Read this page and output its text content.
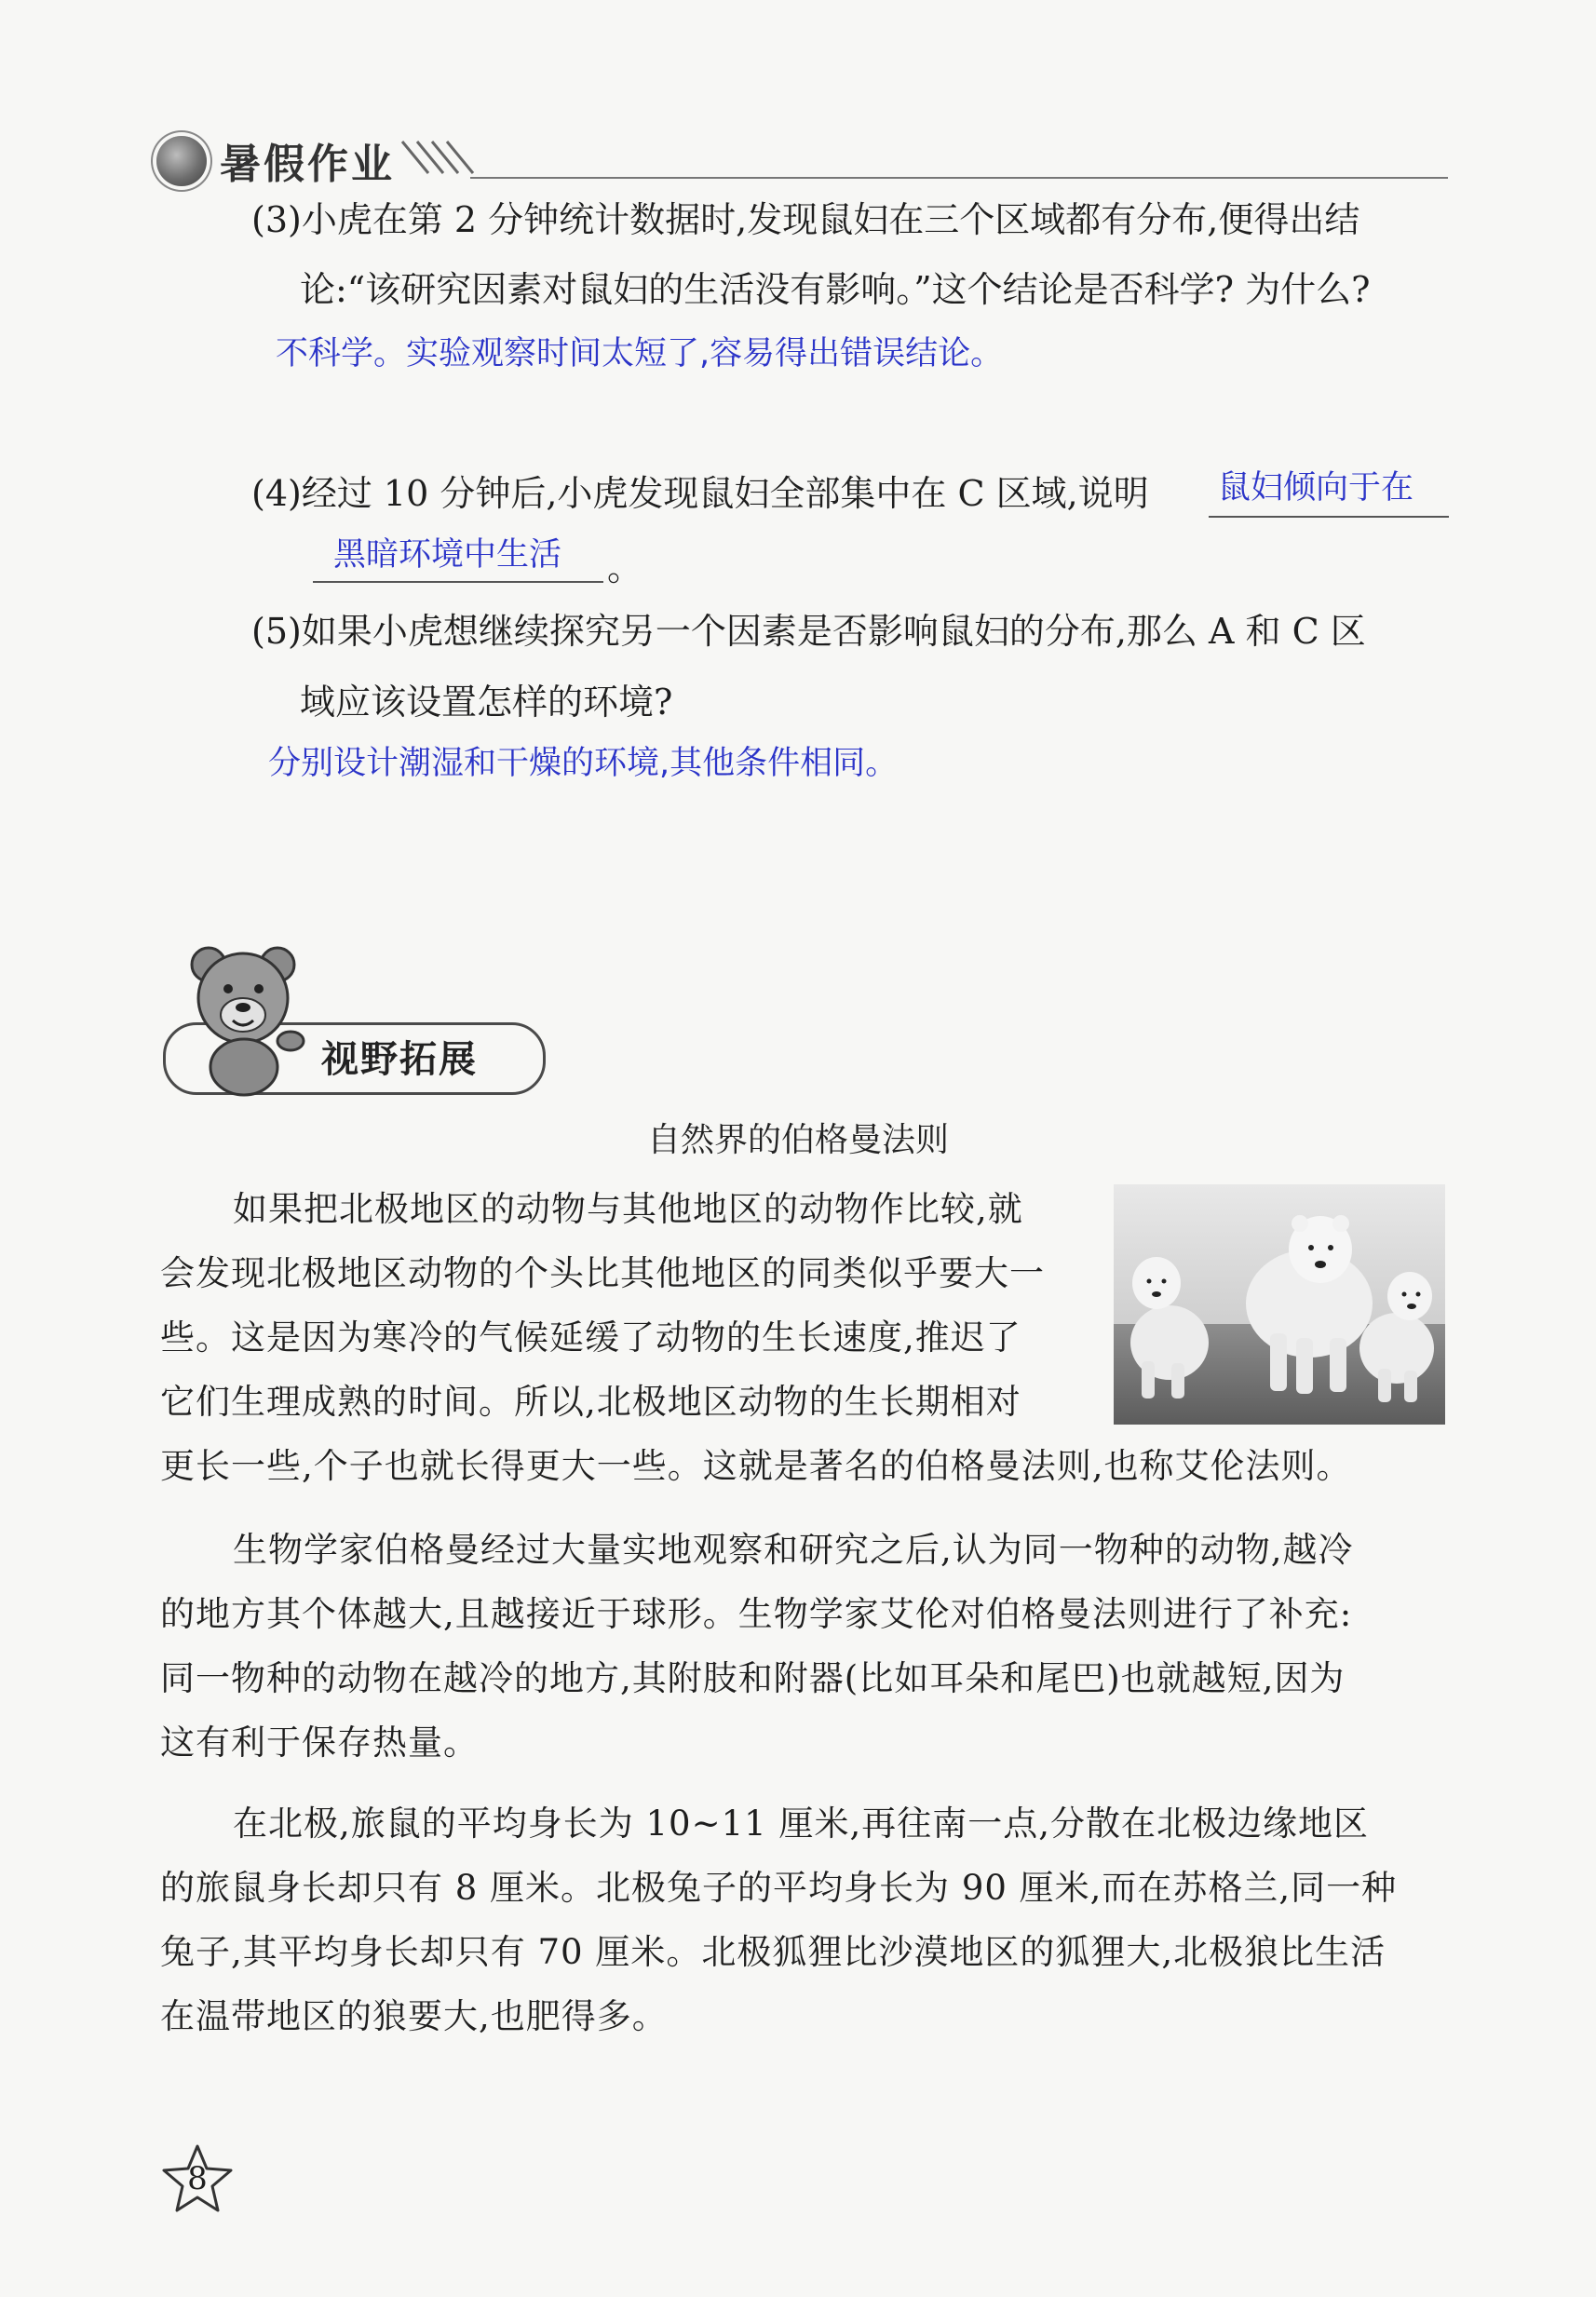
暑假作业
(3)小虎在第 2 分钟统计数据时,发现鼠妇在三个区域都有分布,便得出结
论:“该研究因素对鼠妇的生活没有影响。”这个结论是否科学? 为什么?
不科学。实验观察时间太短了,容易得出错误结论。
(4)经过 10 分钟后,小虎发现鼠妇全部集中在 C 区域,说明 鼠妇倾向于在
黑暗环境中生活 。
(5)如果小虎想继续探究另一个因素是否影响鼠妇的分布,那么 A 和 C 区
域应该设置怎样的环境?
分别设计潮湿和干燥的环境,其他条件相同。
视野拓展
自然界的伯格曼法则
如果把北极地区的动物与其他地区的动物作比较,就
会发现北极地区动物的个头比其他地区的同类似乎要大一
些。这是因为寒冷的气候延缓了动物的生长速度,推迟了
它们生理成熟的时间。所以,北极地区动物的生长期相对
更长一些,个子也就长得更大一些。这就是著名的伯格曼法则,也称艾伦法则。
生物学家伯格曼经过大量实地观察和研究之后,认为同一物种的动物,越冷
的地方其个体越大,且越接近于球形。生物学家艾伦对伯格曼法则进行了补充:
同一物种的动物在越冷的地方,其附肢和附器(比如耳朵和尾巴)也就越短,因为
这有利于保存热量。
在北极,旅鼠的平均身长为 10~11 厘米,再往南一点,分散在北极边缘地区
的旅鼠身长却只有 8 厘米。北极兔子的平均身长为 90 厘米,而在苏格兰,同一种
兔子,其平均身长却只有 70 厘米。北极狐狸比沙漠地区的狐狸大,北极狼比生活
在温带地区的狼要大,也肥得多。
8
